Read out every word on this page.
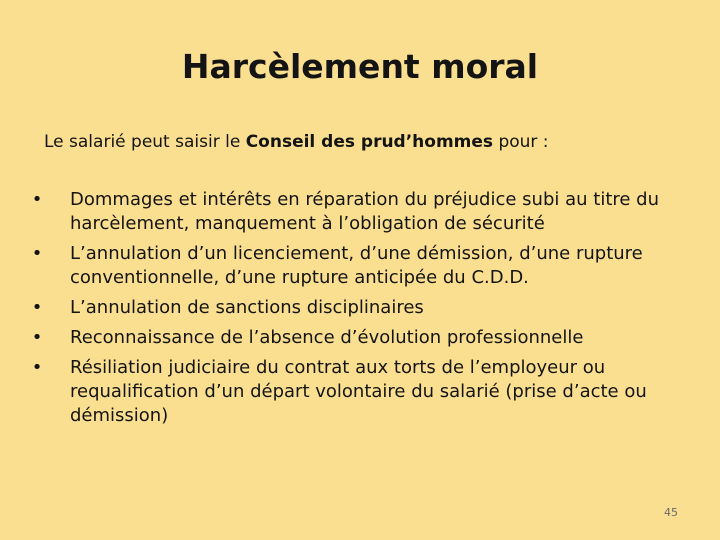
Harcèlement moral

Le salarié peut saisir le Conseil des prud’hommes pour :

• Dommages et intérêts en réparation du préjudice subi au titre du harcèlement, manquement à l’obligation de sécurité
• L’annulation d’un licenciement, d’une démission, d’une rupture conventionnelle, d’une rupture anticipée du C.D.D.
• L’annulation de sanctions disciplinaires
• Reconnaissance de l’absence d’évolution professionnelle
• Résiliation judiciaire du contrat aux torts de l’employeur ou requalification d’un départ volontaire du salarié (prise d’acte ou démission)
45
